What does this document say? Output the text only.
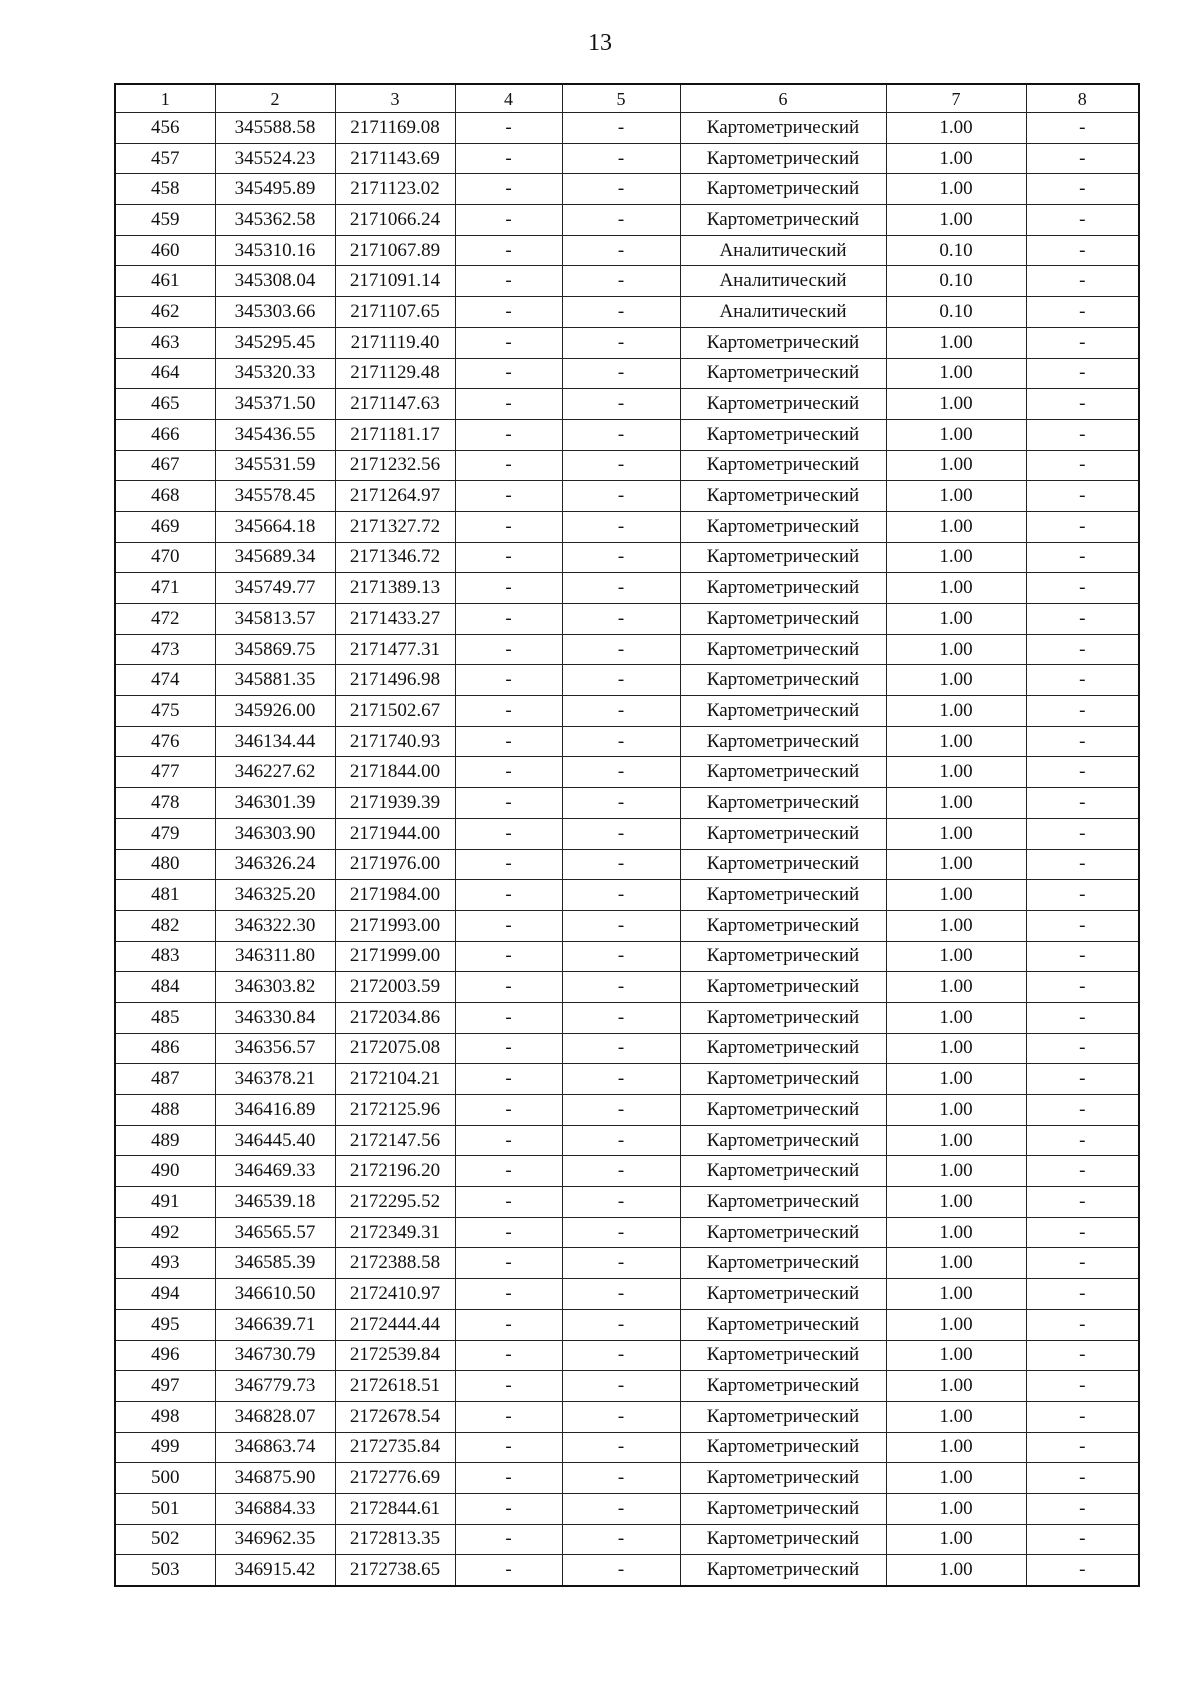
13
1	2	3	4	5	6	7	8
456	345588.58	2171169.08	-	-	Картометрический	1.00	-
457	345524.23	2171143.69	-	-	Картометрический	1.00	-
458	345495.89	2171123.02	-	-	Картометрический	1.00	-
459	345362.58	2171066.24	-	-	Картометрический	1.00	-
460	345310.16	2171067.89	-	-	Аналитический	0.10	-
461	345308.04	2171091.14	-	-	Аналитический	0.10	-
462	345303.66	2171107.65	-	-	Аналитический	0.10	-
463	345295.45	2171119.40	-	-	Картометрический	1.00	-
464	345320.33	2171129.48	-	-	Картометрический	1.00	-
465	345371.50	2171147.63	-	-	Картометрический	1.00	-
466	345436.55	2171181.17	-	-	Картометрический	1.00	-
467	345531.59	2171232.56	-	-	Картометрический	1.00	-
468	345578.45	2171264.97	-	-	Картометрический	1.00	-
469	345664.18	2171327.72	-	-	Картометрический	1.00	-
470	345689.34	2171346.72	-	-	Картометрический	1.00	-
471	345749.77	2171389.13	-	-	Картометрический	1.00	-
472	345813.57	2171433.27	-	-	Картометрический	1.00	-
473	345869.75	2171477.31	-	-	Картометрический	1.00	-
474	345881.35	2171496.98	-	-	Картометрический	1.00	-
475	345926.00	2171502.67	-	-	Картометрический	1.00	-
476	346134.44	2171740.93	-	-	Картометрический	1.00	-
477	346227.62	2171844.00	-	-	Картометрический	1.00	-
478	346301.39	2171939.39	-	-	Картометрический	1.00	-
479	346303.90	2171944.00	-	-	Картометрический	1.00	-
480	346326.24	2171976.00	-	-	Картометрический	1.00	-
481	346325.20	2171984.00	-	-	Картометрический	1.00	-
482	346322.30	2171993.00	-	-	Картометрический	1.00	-
483	346311.80	2171999.00	-	-	Картометрический	1.00	-
484	346303.82	2172003.59	-	-	Картометрический	1.00	-
485	346330.84	2172034.86	-	-	Картометрический	1.00	-
486	346356.57	2172075.08	-	-	Картометрический	1.00	-
487	346378.21	2172104.21	-	-	Картометрический	1.00	-
488	346416.89	2172125.96	-	-	Картометрический	1.00	-
489	346445.40	2172147.56	-	-	Картометрический	1.00	-
490	346469.33	2172196.20	-	-	Картометрический	1.00	-
491	346539.18	2172295.52	-	-	Картометрический	1.00	-
492	346565.57	2172349.31	-	-	Картометрический	1.00	-
493	346585.39	2172388.58	-	-	Картометрический	1.00	-
494	346610.50	2172410.97	-	-	Картометрический	1.00	-
495	346639.71	2172444.44	-	-	Картометрический	1.00	-
496	346730.79	2172539.84	-	-	Картометрический	1.00	-
497	346779.73	2172618.51	-	-	Картометрический	1.00	-
498	346828.07	2172678.54	-	-	Картометрический	1.00	-
499	346863.74	2172735.84	-	-	Картометрический	1.00	-
500	346875.90	2172776.69	-	-	Картометрический	1.00	-
501	346884.33	2172844.61	-	-	Картометрический	1.00	-
502	346962.35	2172813.35	-	-	Картометрический	1.00	-
503	346915.42	2172738.65	-	-	Картометрический	1.00	-
